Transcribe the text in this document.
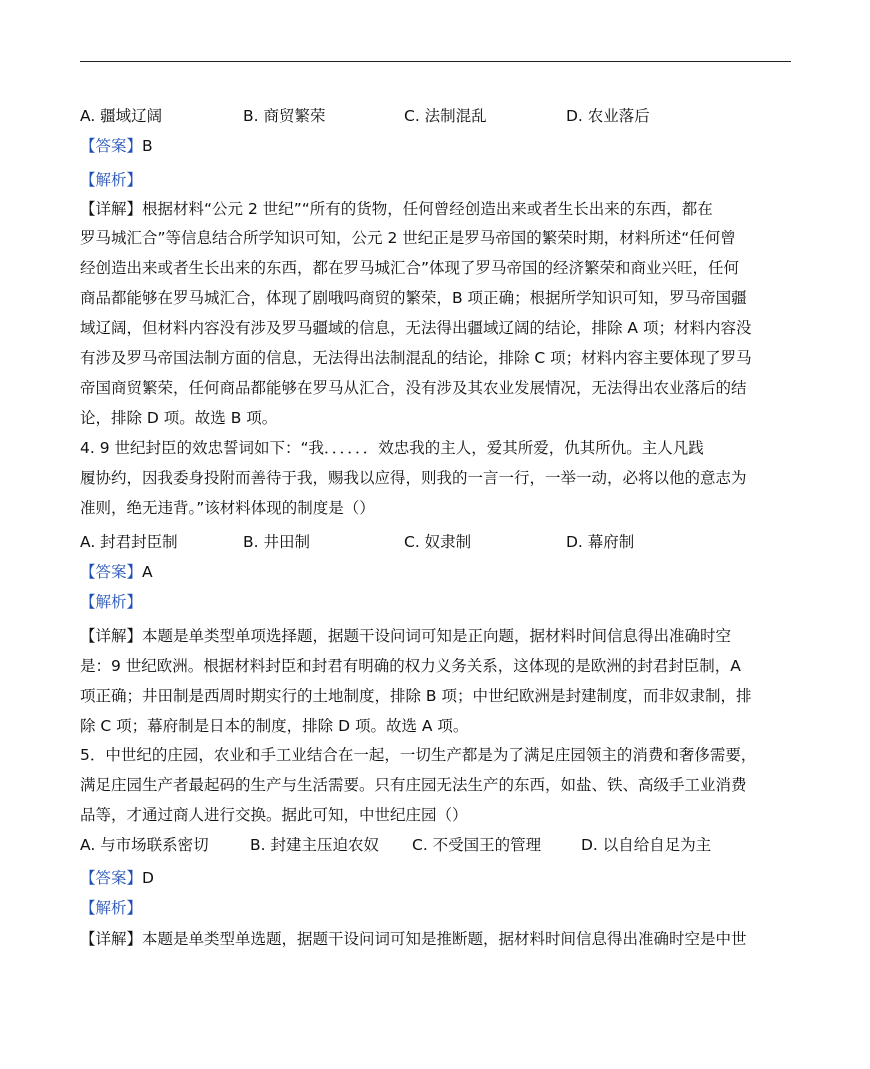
A. 疆域辽阔	B. 商贸繁荣	C. 法制混乱	D. 农业落后
【答案】B
【解析】
【详解】根据材料“公元 2 世纪”“所有的货物，任何曾经创造出来或者生长出来的东西，都在
罗马城汇合”等信息结合所学知识可知，公元 2 世纪正是罗马帝国的繁荣时期，材料所述“任何曾
经创造出来或者生长出来的东西，都在罗马城汇合”体现了罗马帝国的经济繁荣和商业兴旺，任何
商品都能够在罗马城汇合，体现了剧哦吗商贸的繁荣，B 项正确；根据所学知识可知，罗马帝国疆
域辽阔，但材料内容没有涉及罗马疆域的信息，无法得出疆域辽阔的结论，排除 A 项；材料内容没
有涉及罗马帝国法制方面的信息，无法得出法制混乱的结论，排除 C 项；材料内容主要体现了罗马
帝国商贸繁荣，任何商品都能够在罗马从汇合，没有涉及其农业发展情况，无法得出农业落后的结
论，排除 D 项。故选 B 项。
4. 9 世纪封臣的效忠誓词如下：“我．．．．．．效忠我的主人，爱其所爱，仇其所仇。主人凡践
履协约，因我委身投附而善待于我，赐我以应得，则我的一言一行，一举一动，必将以他的意志为
准则，绝无违背。”该材料体现的制度是（）
A. 封君封臣制	B. 井田制	C. 奴隶制	D. 幕府制
【答案】A
【解析】
【详解】本题是单类型单项选择题，据题干设问词可知是正向题，据材料时间信息得出准确时空
是：9 世纪欧洲。根据材料封臣和封君有明确的权力义务关系，这体现的是欧洲的封君封臣制，A
项正确；井田制是西周时期实行的土地制度，排除 B 项；中世纪欧洲是封建制度，而非奴隶制，排
除 C 项；幕府制是日本的制度，排除 D 项。故选 A 项。
5．中世纪的庄园，农业和手工业结合在一起，一切生产都是为了满足庄园领主的消费和奢侈需要，
满足庄园生产者最起码的生产与生活需要。只有庄园无法生产的东西，如盐、铁、高级手工业消费
品等，才通过商人进行交换。据此可知，中世纪庄园（）
A. 与市场联系密切	B. 封建主压迫农奴 C. 不受国王的管理	D. 以自给自足为主
【答案】D
【解析】
【详解】本题是单类型单选题，据题干设问词可知是推断题，据材料时间信息得出准确时空是中世
